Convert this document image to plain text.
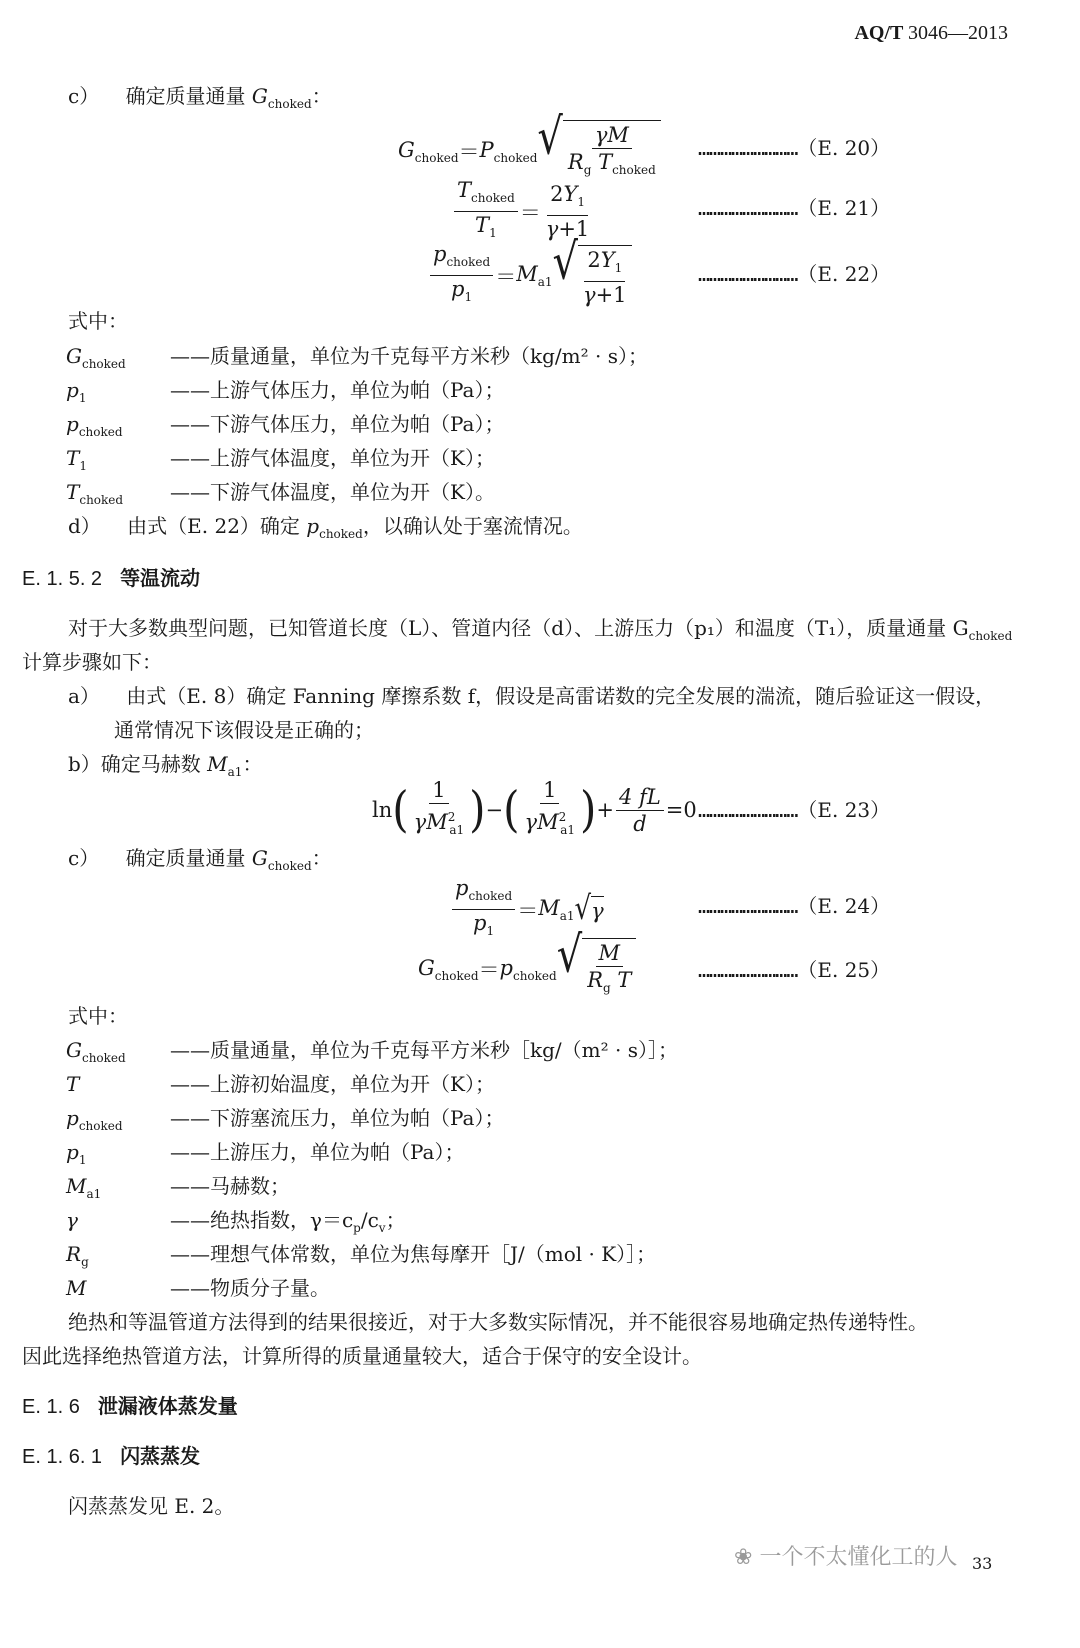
AQ/T 3046—2013
c） 确定质量通量 $G_{choked}$：
$G_{choked} = P_{choked}$ √ $\frac{\gamma M}{R_g T_{choked}}$ ………………………（E. 20）
$\frac{T_{choked}}{T_1} = \frac{2Y_1}{\gamma+1}$	………………………（E. 21）
$\frac{p_{choked}}{p_1} = M_{a1}$ √ $\frac{2Y_1}{\gamma+1}$	………………………（E. 22）
式中：
$G_{choked}$ ——质量通量，单位为千克每平方米秒（kg/m² · s）；
$p_1$	——上游气体压力，单位为帕（Pa）；
$p_{choked}$ ——下游气体压力，单位为帕（Pa）；
$T_1$	——上游气体温度，单位为开（K）；
$T_{choked}$ ——下游气体温度，单位为开（K）。
d） 由式（E. 22）确定 $p_{choked}$，以确认处于塞流情况。
E. 1. 5. 2 等温流动
对于大多数典型问题，已知管道长度（L）、管道内径（d）、上游压力（p₁）和温度（T₁），质量通量 $G_{choked}$
计算步骤如下：
a） 由式（E. 8）确定 Fanning 摩擦系数 f，假设是高雷诺数的完全发展的湍流，随后验证这一假设，
通常情况下该假设是正确的；
b）确定马赫数 $M_{a1}$：
ln ( $\frac{1}{\gamma M^2_{a1}}$ ) − ( $\frac{1}{\gamma M^2_{a1}}$ ) + $\frac{4 fL}{d} =0$ ………………………（E. 23）
c） 确定质量通量 $G_{choked}$：
$\frac{p_{choked}}{p_1} = M_{a1}$ √ γ	………………………（E. 24）
$G_{choked} = p_{choked}$ √ $\frac{M}{R_g T}$	………………………（E. 25）
式中：
$G_{choked}$ ——质量通量，单位为千克每平方米秒［kg/（m² · s）］；
T	——上游初始温度，单位为开（K）；
$p_{choked}$ ——下游塞流压力，单位为帕（Pa）；
$p_1$	——上游压力，单位为帕（Pa）；
$M_{a1}$	——马赫数；
γ	——绝热指数，$\gamma=c_p/c_v$；
$R_g$	——理想气体常数，单位为焦每摩开［J/（mol · K）］；
M	——物质分子量。
绝热和等温管道方法得到的结果很接近，对于大多数实际情况，并不能很容易地确定热传递特性。
因此选择绝热管道方法，计算所得的质量通量较大，适合于保守的安全设计。
E. 1. 6 泄漏液体蒸发量
E. 1. 6. 1 闪蒸蒸发
闪蒸蒸发见 E. 2。
❀ 一个不太懂化工的人 33
